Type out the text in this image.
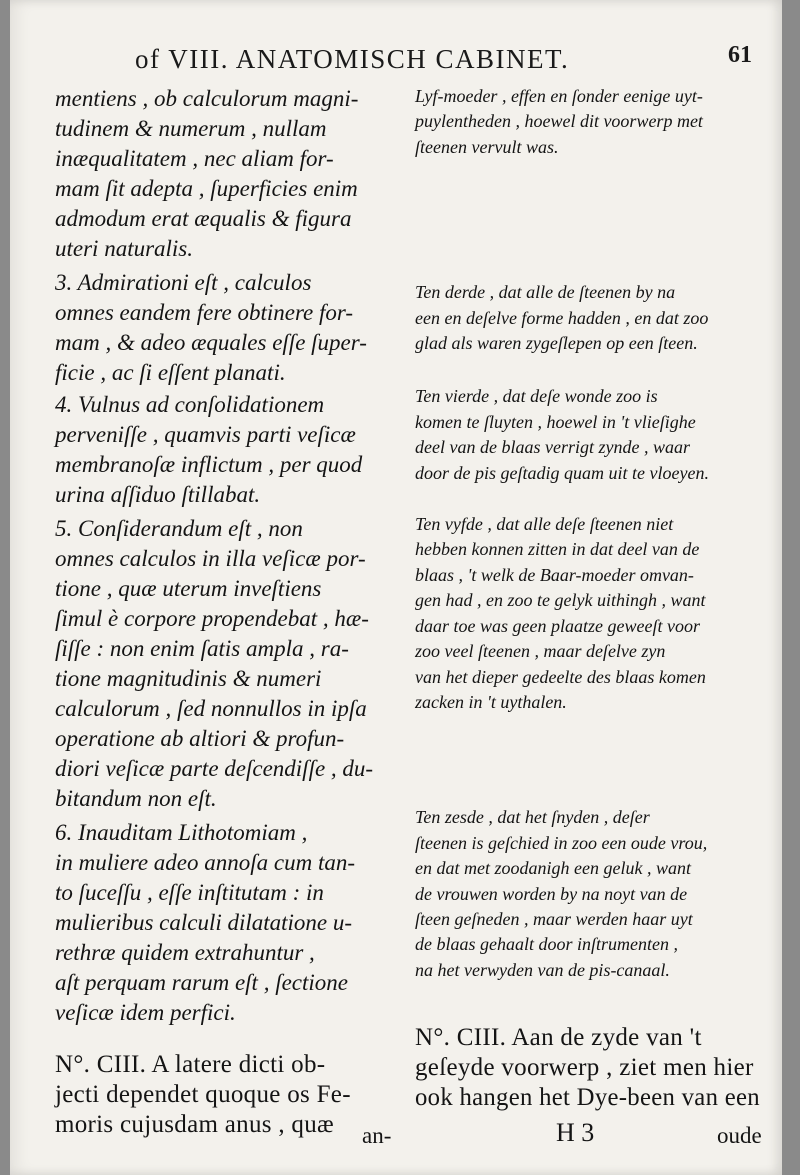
of VIII. ANATOMISCH CABINET.	61
mentiens , ob calculorum magni-
tudinem & numerum , nullam
inæqualitatem , nec aliam for-
mam ſit adepta , ſuperficies enim
admodum erat æqualis & figura
uteri naturalis.
3. Admirationi eſt , calculos
omnes eandem fere obtinere for-
mam , & adeo æquales eſſe ſuper-
ficie , ac ſi eſſent planati.
4. Vulnus ad conſolidationem
perveniſſe , quamvis parti veſicæ
membranoſæ inflictum , per quod
urina aſſiduo ſtillabat.
5. Conſiderandum eſt , non
omnes calculos in illa veſicæ por-
tione , quæ uterum inveſtiens
ſimul è corpore propendebat , hæ-
ſiſſe : non enim ſatis ampla , ra-
tione magnitudinis & numeri
calculorum , ſed nonnullos in ipſa
operatione ab altiori & profun-
diori veſicæ parte deſcendiſſe , du-
bitandum non eſt.
6. Inauditam Lithotomiam ,
in muliere adeo annoſa cum tan-
to ſuceſſu , eſſe inſtitutam : in
mulieribus calculi dilatatione u-
rethræ quidem extrahuntur ,
aſt perquam rarum eſt , ſectione
veſicæ idem perfici.
N°. CIII. A latere dicti ob-
jecti dependet quoque os Fe-
moris cujusdam anus , quæ
Lyf-moeder , effen en ſonder eenige uyt-
puylentheden , hoewel dit voorwerp met
ſteenen vervult was.
Ten derde , dat alle de ſteenen by na
een en deſelve forme hadden , en dat zoo
glad als waren zygeſlepen op een ſteen.
Ten vierde , dat deſe wonde zoo is
komen te ſluyten , hoewel in 't vlieſighe
deel van de blaas verrigt zynde , waar
door de pis geſtadig quam uit te vloeyen.
Ten vyfde , dat alle deſe ſteenen niet
hebben konnen zitten in dat deel van de
blaas , 't welk de Baar-moeder omvan-
gen had , en zoo te gelyk uithingh , want
daar toe was geen plaatze geweeſt voor
zoo veel ſteenen , maar deſelve zyn
van het dieper gedeelte des blaas komen
zacken in 't uythalen.
Ten zesde , dat het ſnyden , deſer
ſteenen is geſchied in zoo een oude vrou,
en dat met zoodanigh een geluk , want
de vrouwen worden by na noyt van de
ſteen geſneden , maar werden haar uyt
de blaas gehaalt door inſtrumenten ,
na het verwyden van de pis-canaal.
N°. CIII. Aan de zyde van 't
geſeyde voorwerp , ziet men hier
ook hangen het Dye-been van een
an-	H 3	oude
